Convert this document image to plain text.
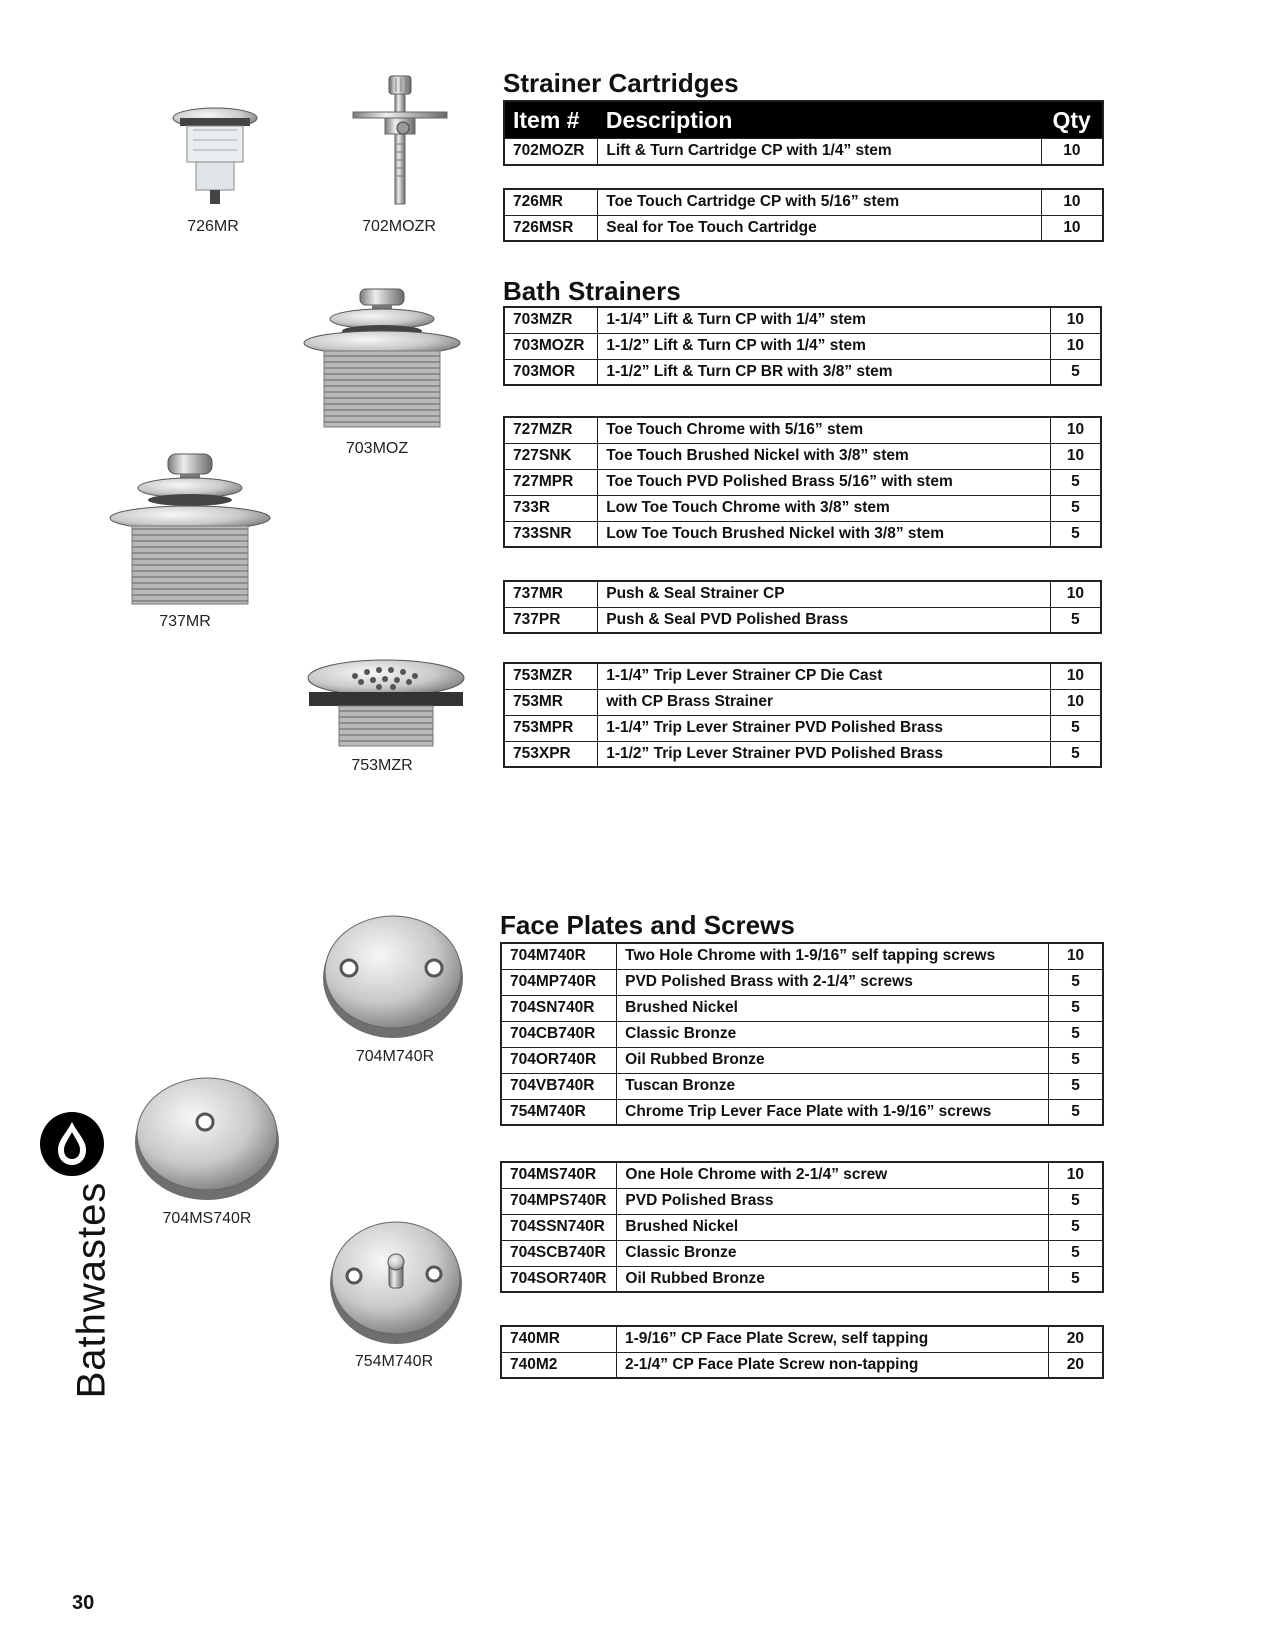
Strainer Cartridges
Item #	Description	Qty
702MOZR	Lift & Turn Cartridge CP with 1/4” stem	10
726MR	Toe Touch Cartridge CP with 5/16” stem	10
726MSR	Seal for Toe Touch Cartridge	10
Bath Strainers
703MZR	1-1/4” Lift & Turn CP with 1/4” stem	10
703MOZR	1-1/2” Lift & Turn CP with 1/4” stem	10
703MOR	1-1/2” Lift & Turn CP BR with 3/8” stem	5
727MZR	Toe Touch Chrome with 5/16” stem	10
727SNK	Toe Touch Brushed Nickel with 3/8” stem	10
727MPR	Toe Touch PVD Polished Brass 5/16” with stem	5
733R	Low Toe Touch Chrome with 3/8” stem	5
733SNR	Low Toe Touch Brushed Nickel with 3/8” stem	5
737MR	Push & Seal Strainer CP	10
737PR	Push & Seal PVD Polished Brass	5
753MZR	1-1/4” Trip Lever Strainer CP Die Cast	10
753MR	with CP Brass Strainer	10
753MPR	1-1/4” Trip Lever Strainer PVD Polished Brass	5
753XPR	1-1/2” Trip Lever Strainer PVD Polished Brass	5
Face Plates and Screws
704M740R	Two Hole Chrome with 1-9/16” self tapping screws	10
704MP740R	PVD Polished Brass with 2-1/4” screws	5
704SN740R	Brushed Nickel	5
704CB740R	Classic Bronze	5
704OR740R	Oil Rubbed Bronze	5
704VB740R	Tuscan Bronze	5
754M740R	Chrome Trip Lever Face Plate with 1-9/16” screws	5
704MS740R	One Hole Chrome with 2-1/4” screw	10
704MPS740R	PVD Polished Brass	5
704SSN740R	Brushed Nickel	5
704SCB740R	Classic Bronze	5
704SOR740R	Oil Rubbed Bronze	5
740MR	1-9/16” CP Face Plate Screw, self tapping	20
740M2	2-1/4” CP Face Plate Screw non-tapping	20
726MR	702MOZR
703MOZ
737MR
753MZR
704M740R
704MS740R
754M740R
Bathwastes
30
